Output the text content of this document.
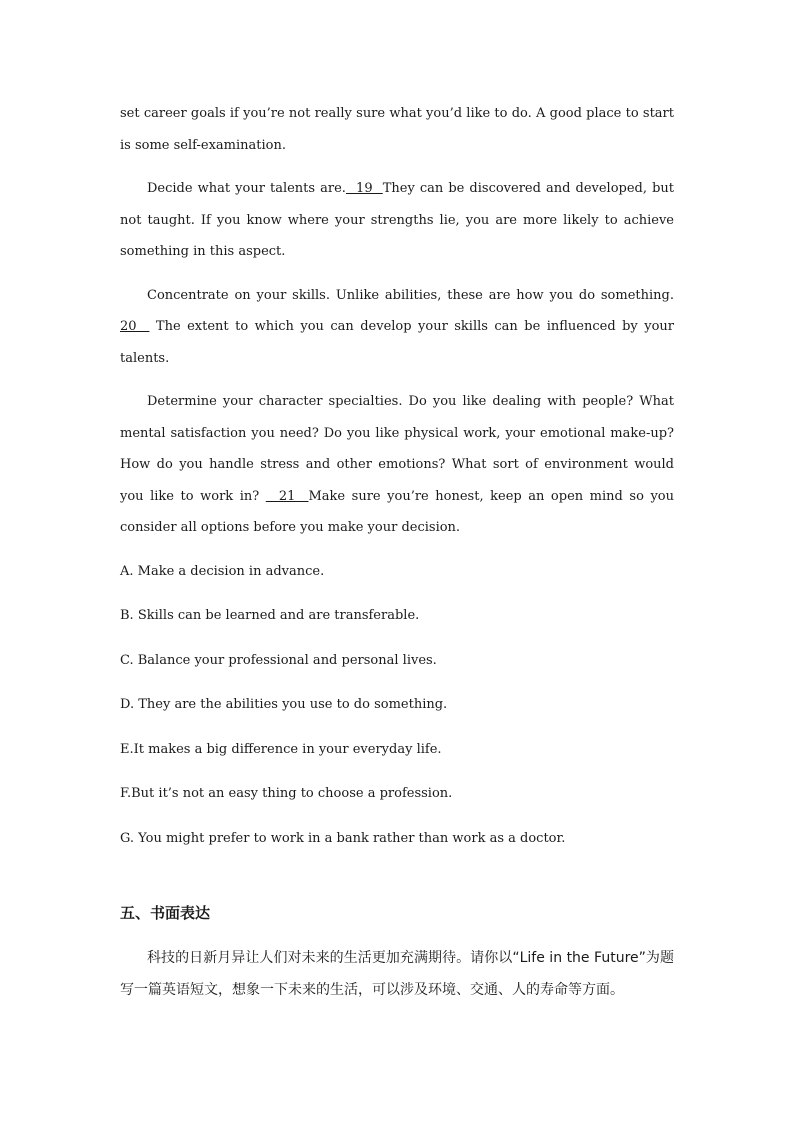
set career goals if you’re not really sure what you’d like to do. A good place to start is some self-examination.

Decide what your talents are.  19  They can be discovered and developed, but not taught. If you know where your strengths lie, you are more likely to achieve something in this aspect.

Concentrate on your skills. Unlike abilities, these are how you do something. 20   The extent to which you can develop your skills can be influenced by your talents.

Determine your character specialties. Do you like dealing with people? What mental satisfaction you need? Do you like physical work, your emotional make-up? How do you handle stress and other emotions? What sort of environment would you like to work in?   21  Make sure you’re honest, keep an open mind so you consider all options before you make your decision.

A. Make a decision in advance.

B. Skills can be learned and are transferable.

C. Balance your professional and personal lives.

D. They are the abilities you use to do something.

E.It makes a big difference in your everyday life.

F.But it’s not an easy thing to choose a profession.

G. You might prefer to work in a bank rather than work as a doctor.

五、书面表达

科技的日新月异让人们对未来的生活更加充满期待。请你以“Life in the Future”为题写一篇英语短文，想象一下未来的生活，可以涉及环境、交通、人的寿命等方面。
